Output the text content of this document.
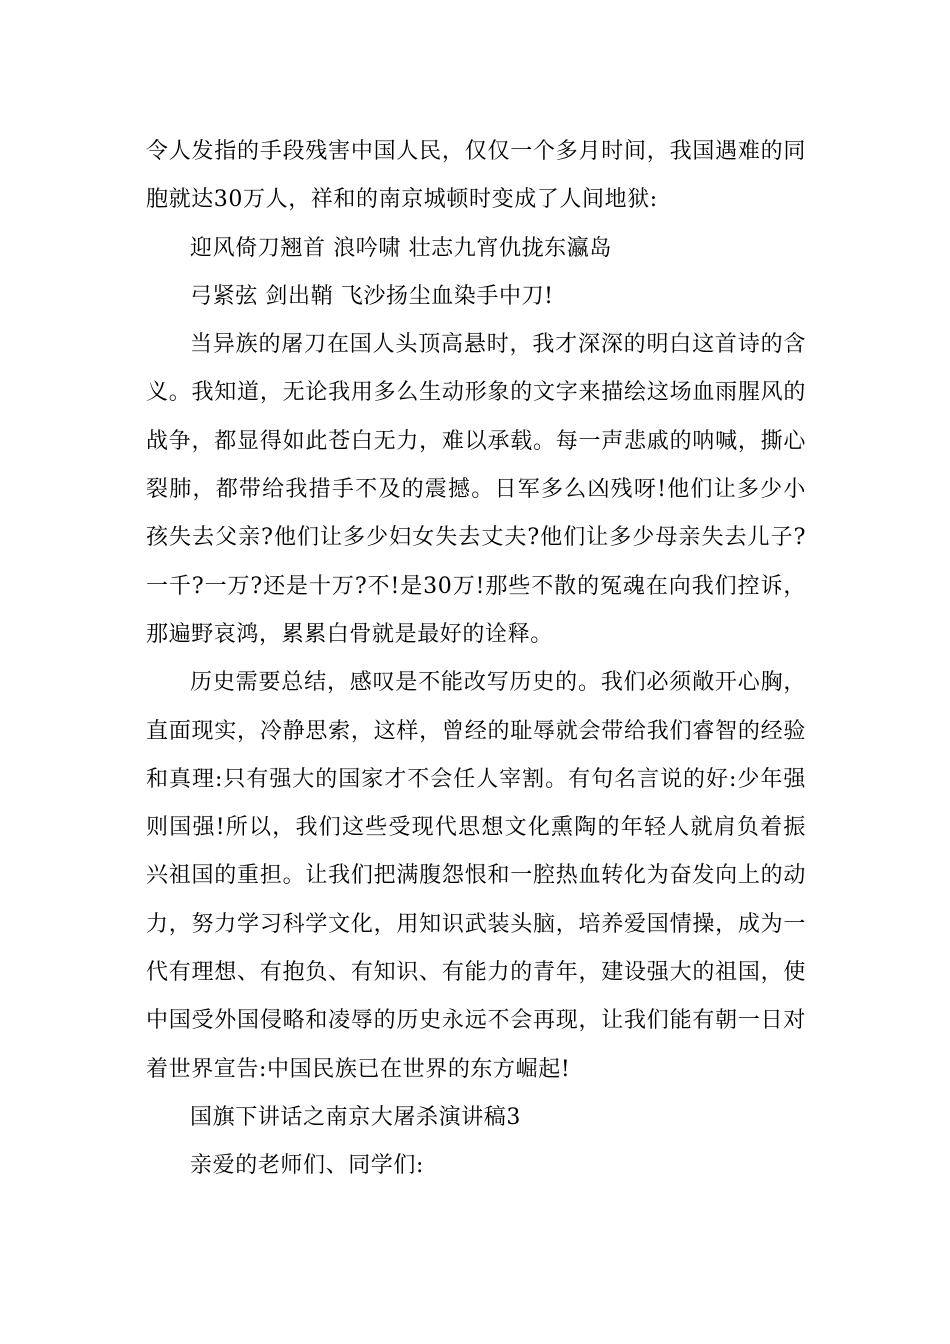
令人发指的手段残害中国人民，仅仅一个多月时间，我国遇难的同胞就达30万人，祥和的南京城顿时变成了人间地狱:

迎风倚刀翘首 浪吟啸 壮志九宵仇拢东瀛岛

弓紧弦 剑出鞘 飞沙扬尘血染手中刀!

当异族的屠刀在国人头顶高悬时，我才深深的明白这首诗的含义。我知道，无论我用多么生动形象的文字来描绘这场血雨腥风的战争，都显得如此苍白无力，难以承载。每一声悲戚的呐喊，撕心裂肺，都带给我措手不及的震撼。日军多么凶残呀!他们让多少小孩失去父亲?他们让多少妇女失去丈夫?他们让多少母亲失去儿子?一千?一万?还是十万?不!是30万!那些不散的冤魂在向我们控诉，那遍野哀鸿，累累白骨就是最好的诠释。

历史需要总结，感叹是不能改写历史的。我们必须敞开心胸，直面现实，冷静思索，这样，曾经的耻辱就会带给我们睿智的经验和真理:只有强大的国家才不会任人宰割。有句名言说的好:少年强则国强!所以，我们这些受现代思想文化熏陶的年轻人就肩负着振兴祖国的重担。让我们把满腹怨恨和一腔热血转化为奋发向上的动力，努力学习科学文化，用知识武装头脑，培养爱国情操，成为一代有理想、有抱负、有知识、有能力的青年，建设强大的祖国，使中国受外国侵略和凌辱的历史永远不会再现，让我们能有朝一日对着世界宣告:中国民族已在世界的东方崛起!

国旗下讲话之南京大屠杀演讲稿3

亲爱的老师们、同学们:
